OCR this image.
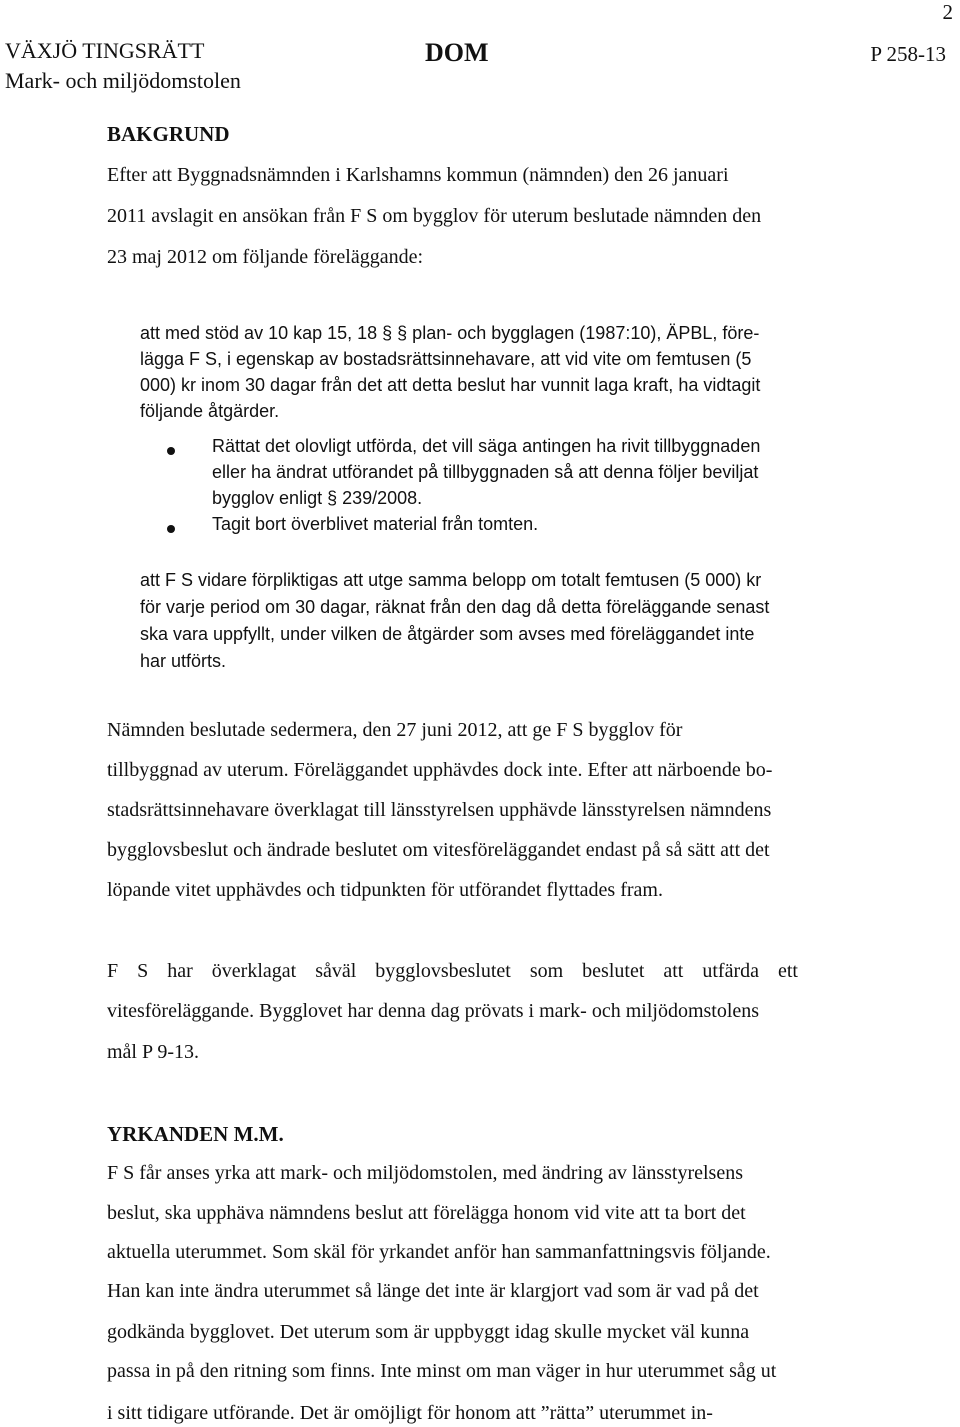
2
VÄXJÖ TINGSRÄTT
Mark- och miljödomstolen
DOM	P 258-13
BAKGRUND
Efter att Byggnadsnämnden i Karlshamns kommun (nämnden) den 26 januari
2011 avslagit en ansökan från F S om bygglov för uterum beslutade nämnden den
23 maj 2012 om följande föreläggande:
att med stöd av 10 kap 15, 18 § § plan- och bygglagen (1987:10), ÄPBL, före-
lägga F S, i egenskap av bostadsrättsinnehavare, att vid vite om femtusen (5
000) kr inom 30 dagar från det att detta beslut har vunnit laga kraft, ha vidtagit
följande åtgärder.
Rättat det olovligt utförda, det vill säga antingen ha rivit tillbyggnaden
eller ha ändrat utförandet på tillbyggnaden så att denna följer beviljat
bygglov enligt § 239/2008.
Tagit bort överblivet material från tomten.
att F S vidare förpliktigas att utge samma belopp om totalt femtusen (5 000) kr
för varje period om 30 dagar, räknat från den dag då detta föreläggande senast
ska vara uppfyllt, under vilken de åtgärder som avses med föreläggandet inte
har utförts.
Nämnden beslutade sedermera, den 27 juni 2012, att ge F S bygglov för
tillbyggnad av uterum. Föreläggandet upphävdes dock inte. Efter att närboende bo-
stadsrättsinnehavare överklagat till länsstyrelsen upphävde länsstyrelsen nämndens
bygglovsbeslut och ändrade beslutet om vitesföreläggandet endast på så sätt att det
löpande vitet upphävdes och tidpunkten för utförandet flyttades fram.
F S har överklagat såväl bygglovsbeslutet som beslutet att utfärda ett
vitesföreläggande. Bygglovet har denna dag prövats i mark- och miljödomstolens
mål P 9-13.
YRKANDEN M.M.
F S får anses yrka att mark- och miljödomstolen, med ändring av länsstyrelsens
beslut, ska upphäva nämndens beslut att förelägga honom vid vite att ta bort det
aktuella uterummet. Som skäl för yrkandet anför han sammanfattningsvis följande.
Han kan inte ändra uterummet så länge det inte är klargjort vad som är vad på det
godkända bygglovet. Det uterum som är uppbyggt idag skulle mycket väl kunna
passa in på den ritning som finns. Inte minst om man väger in hur uterummet såg ut
i sitt tidigare utförande. Det är omöjligt för honom att ”rätta” uterummet in-
